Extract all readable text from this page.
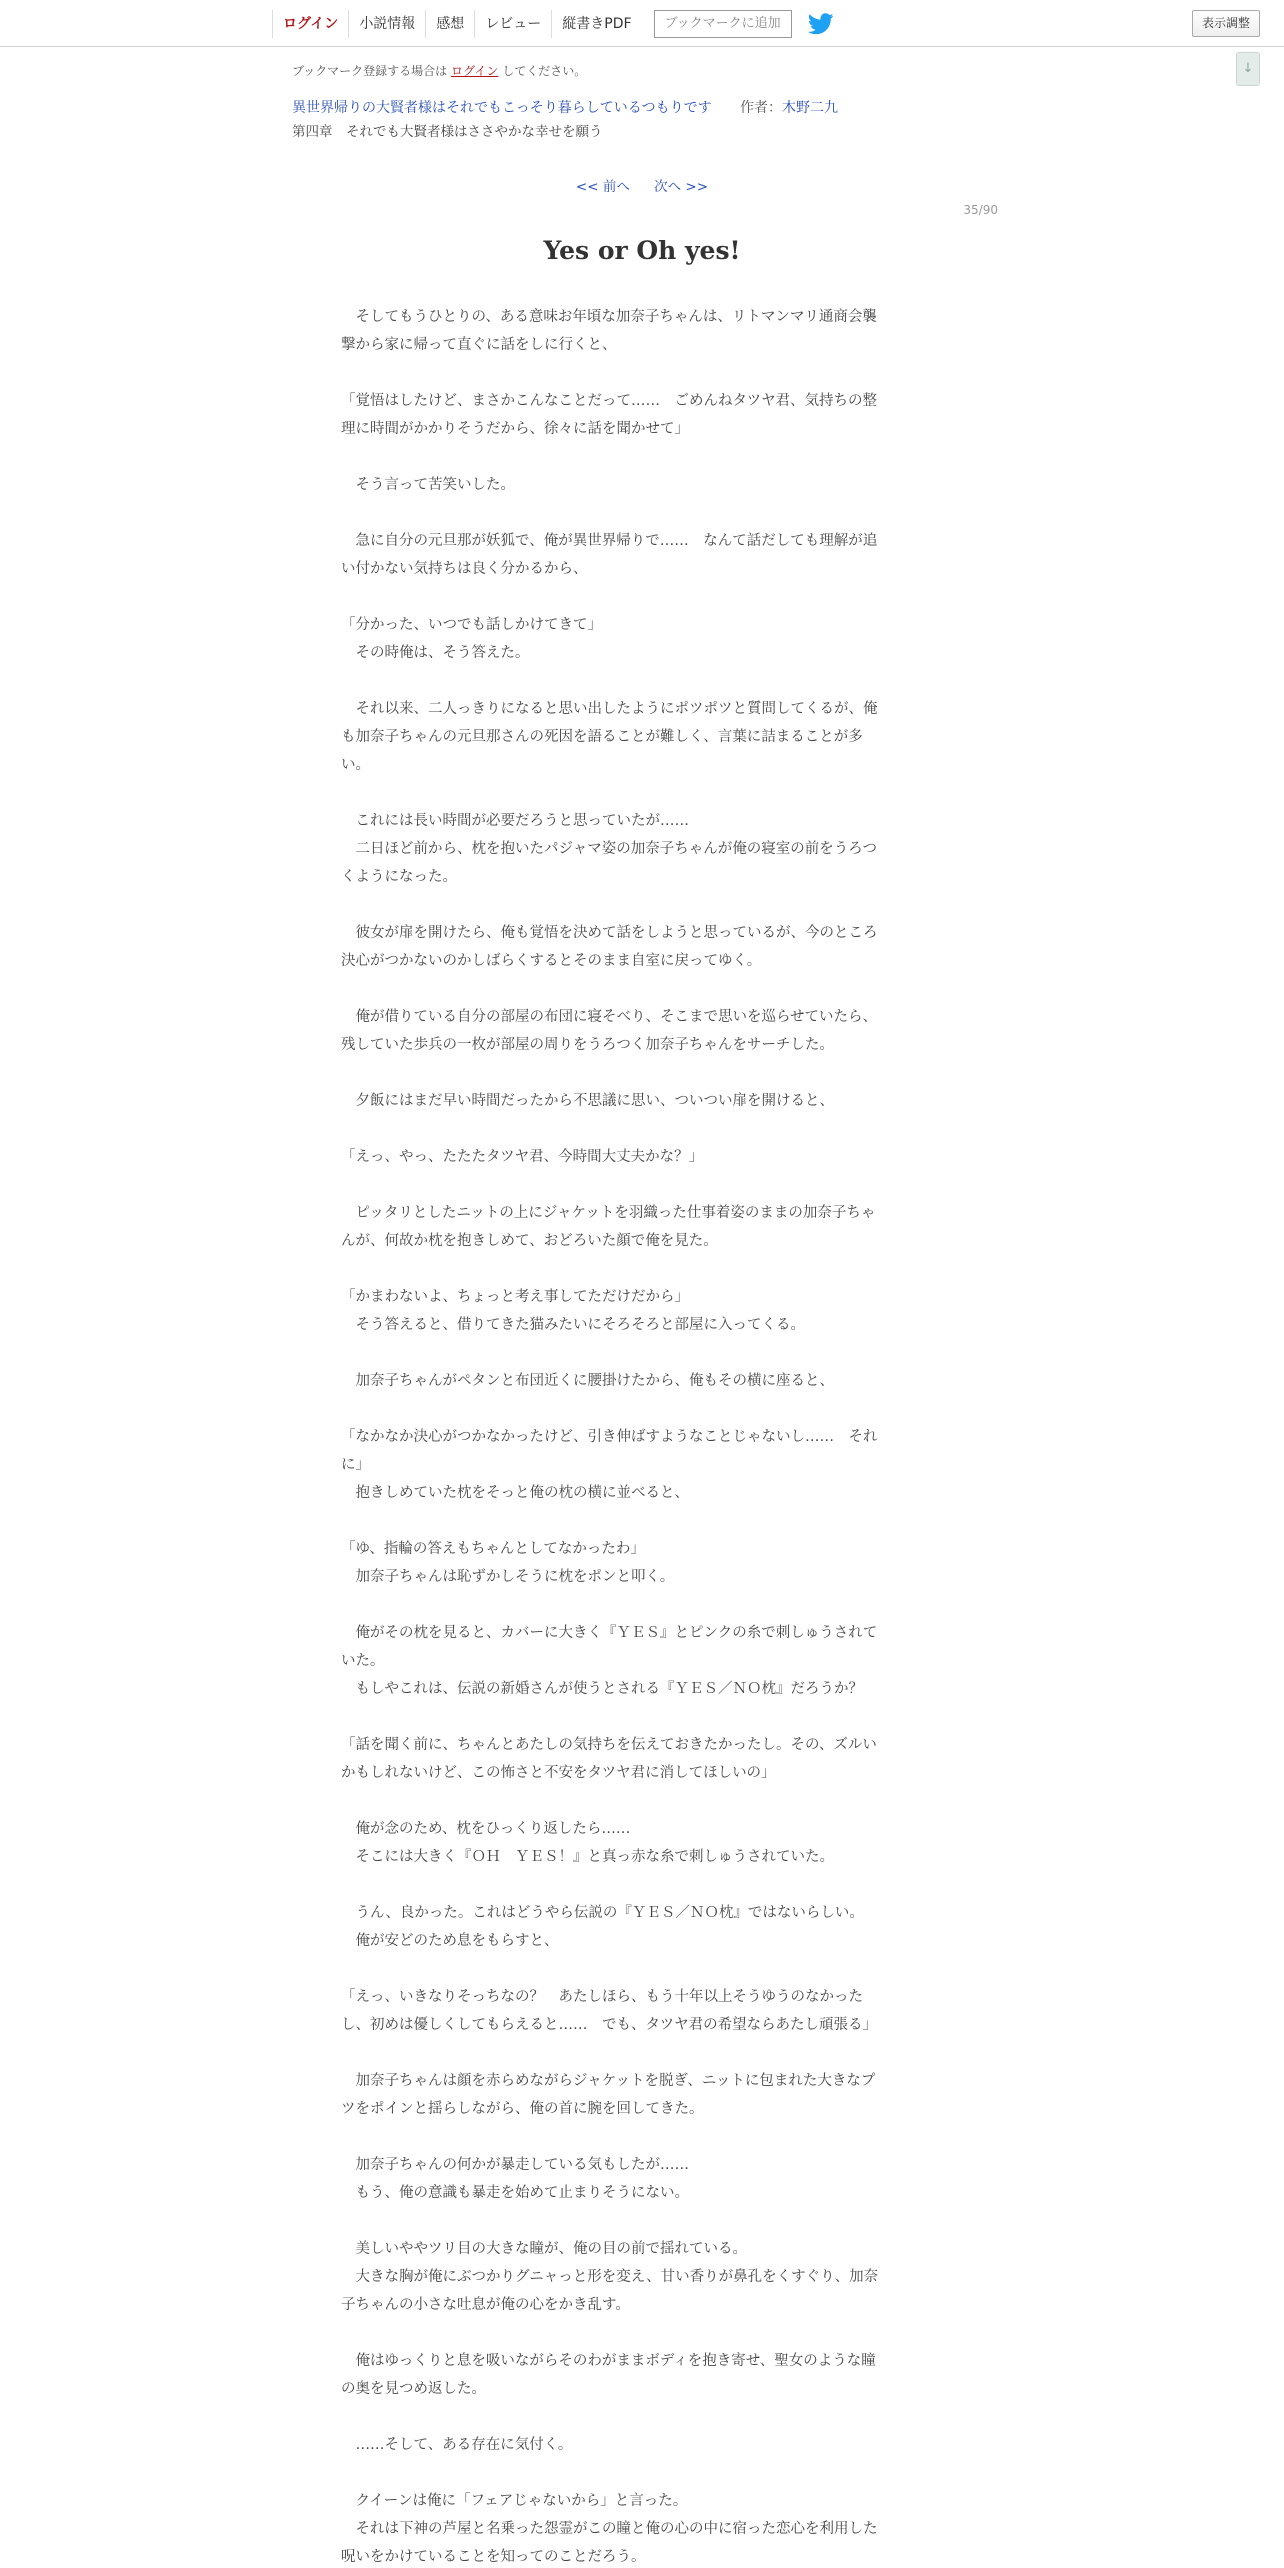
ログイン	小説情報	感想	レビュー	縦書きPDF	ブックマークに追加	表示調整
↓
ブックマーク登録する場合は ログイン してください。
異世界帰りの大賢者様はそれでもこっそり暮らしているつもりです 作者：木野二九
第四章　それでも大賢者様はささやかな幸せを願う
<< 前へ 次へ >>
35/90
Yes or Oh yes!
　そしてもうひとりの、ある意味お年頃な加奈子ちゃんは、リトマンマリ通商会襲
撃から家に帰って直ぐに話をしに行くと、
「覚悟はしたけど、まさかこんなことだって……　ごめんねタツヤ君、気持ちの整
理に時間がかかりそうだから、徐々に話を聞かせて」
　そう言って苦笑いした。
　急に自分の元旦那が妖狐で、俺が異世界帰りで……　なんて話だしても理解が追
い付かない気持ちは良く分かるから、
「分かった、いつでも話しかけてきて」
　その時俺は、そう答えた。
　それ以来、二人っきりになると思い出したようにポツポツと質問してくるが、俺
も加奈子ちゃんの元旦那さんの死因を語ることが難しく、言葉に詰まることが多
い。
　これには長い時間が必要だろうと思っていたが……
　二日ほど前から、枕を抱いたパジャマ姿の加奈子ちゃんが俺の寝室の前をうろつ
くようになった。
　彼女が扉を開けたら、俺も覚悟を決めて話をしようと思っているが、今のところ
決心がつかないのかしばらくするとそのまま自室に戻ってゆく。
　俺が借りている自分の部屋の布団に寝そべり、そこまで思いを巡らせていたら、
残していた歩兵の一枚が部屋の周りをうろつく加奈子ちゃんをサーチした。
　夕飯にはまだ早い時間だったから不思議に思い、ついつい扉を開けると、
「えっ、やっ、たたたタツヤ君、今時間大丈夫かな？」
　ピッタリとしたニットの上にジャケットを羽織った仕事着姿のままの加奈子ちゃ
んが、何故か枕を抱きしめて、おどろいた顔で俺を見た。
「かまわないよ、ちょっと考え事してただけだから」
　そう答えると、借りてきた猫みたいにそろそろと部屋に入ってくる。
　加奈子ちゃんがペタンと布団近くに腰掛けたから、俺もその横に座ると、
「なかなか決心がつかなかったけど、引き伸ばすようなことじゃないし……　それ
に」
　抱きしめていた枕をそっと俺の枕の横に並べると、
「ゆ、指輪の答えもちゃんとしてなかったわ」
　加奈子ちゃんは恥ずかしそうに枕をポンと叩く。
　俺がその枕を見ると、カバーに大きく『ＹＥＳ』とピンクの糸で刺しゅうされて
いた。
　もしやこれは、伝説の新婚さんが使うとされる『ＹＥＳ／ＮＯ枕』だろうか？
「話を聞く前に、ちゃんとあたしの気持ちを伝えておきたかったし。その、ズルい
かもしれないけど、この怖さと不安をタツヤ君に消してほしいの」
　俺が念のため、枕をひっくり返したら……
　そこには大きく『ＯＨ　ＹＥＳ！』と真っ赤な糸で刺しゅうされていた。
　うん、良かった。これはどうやら伝説の『ＹＥＳ／ＮＯ枕』ではないらしい。
　俺が安どのため息をもらすと、
「えっ、いきなりそっちなの？　あたしほら、もう十年以上そうゆうのなかった
し、初めは優しくしてもらえると……　でも、タツヤ君の希望ならあたし頑張る」
　加奈子ちゃんは顔を赤らめながらジャケットを脱ぎ、ニットに包まれた大きなプ
ツをポインと揺らしながら、俺の首に腕を回してきた。
　加奈子ちゃんの何かが暴走している気もしたが……
　もう、俺の意識も暴走を始めて止まりそうにない。
　美しいややツリ目の大きな瞳が、俺の目の前で揺れている。
　大きな胸が俺にぶつかりグニャっと形を変え、甘い香りが鼻孔をくすぐり、加奈
子ちゃんの小さな吐息が俺の心をかき乱す。
　俺はゆっくりと息を吸いながらそのわがままボディを抱き寄せ、聖女のような瞳
の奥を見つめ返した。
　……そして、ある存在に気付く。
　クイーンは俺に「フェアじゃないから」と言った。
　それは下神の芦屋と名乗った怨霊がこの瞳と俺の心の中に宿った恋心を利用した
呪いをかけていることを知ってのことだろう。
